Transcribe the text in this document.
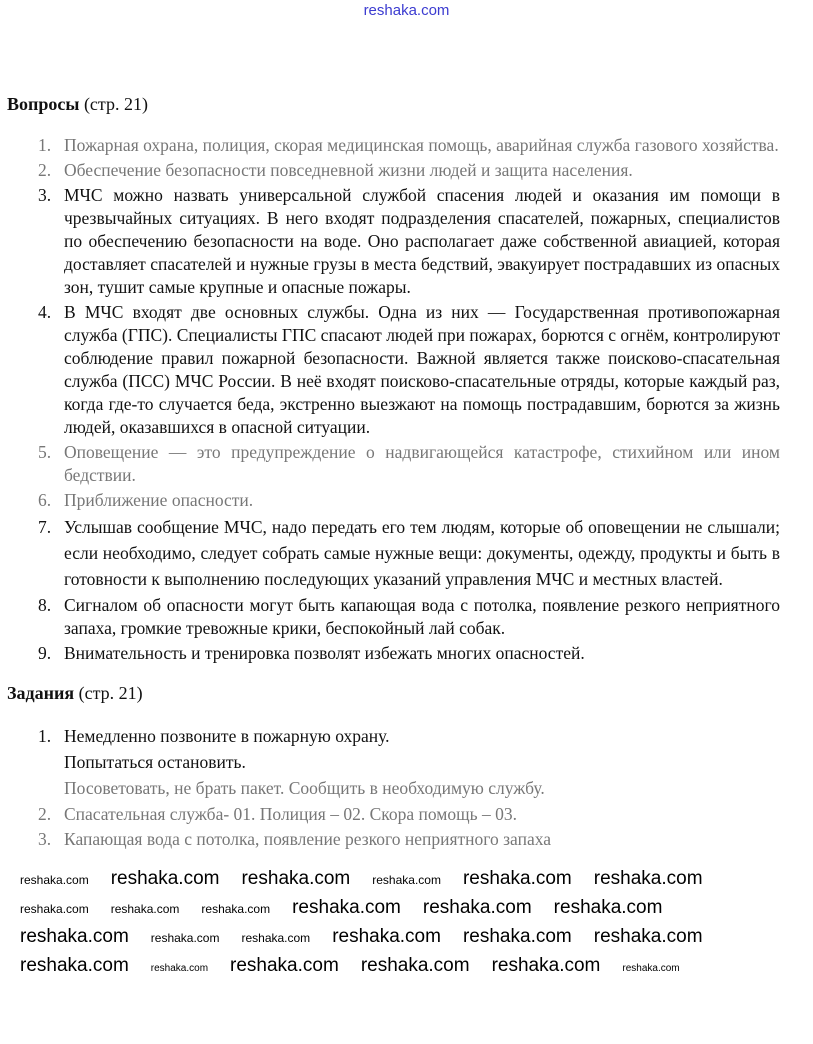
reshaka.com
Вопросы (стр. 21)
1. Пожарная охрана, полиция, скорая медицинская помощь, аварийная служба газового хозяйства.
2. Обеспечение безопасности повседневной жизни людей и защита населения.
3. МЧС можно назвать универсальной службой спасения людей и оказания им помощи в чрезвычайных ситуациях. В него входят подразделения спасателей, пожарных, специалистов по обеспечению безопасности на воде. Оно располагает даже собственной авиацией, которая доставляет спасателей и нужные грузы в места бедствий, эвакуирует пострадавших из опасных зон, тушит самые крупные и опасные пожары.
4. В МЧС входят две основных службы. Одна из них — Государственная противопожарная служба (ГПС). Специалисты ГПС спасают людей при пожарах, борются с огнём, контролируют соблюдение правил пожарной безопасности. Важной является также поисково-спасательная служба (ПСС) МЧС России. В неё входят поисково-спасательные отряды, которые каждый раз, когда где-то случается беда, экстренно выезжают на помощь пострадавшим, борются за жизнь людей, оказавшихся в опасной ситуации.
5. Оповещение — это предупреждение о надвигающейся катастрофе, стихийном или ином бедствии.
6. Приближение опасности.
7. Услышав сообщение МЧС, надо передать его тем людям, которые об оповещении не слышали; если необходимо, следует собрать самые нужные вещи: документы, одежду, продукты и быть в готовности к выполнению последующих указаний управления МЧС и местных властей.
8. Сигналом об опасности могут быть капающая вода с потолка, появление резкого неприятного запаха, громкие тревожные крики, беспокойный лай собак.
9. Внимательность и тренировка позволят избежать многих опасностей.
Задания (стр. 21)
1. Немедленно позвоните в пожарную охрану.
Попытаться остановить.
Посоветовать, не брать пакет. Сообщить в необходимую службу.
2. Спасательная служба- 01. Полиция – 02. Скора помощь – 03.
3. Капающая вода с потолка, появление резкого неприятного запаха
reshaka.com reshaka.com reshaka.com reshaka.com reshaka.com reshaka.com
reshaka.com reshaka.com reshaka.com reshaka.com reshaka.com reshaka.com
reshaka.com reshaka.com reshaka.com reshaka.com reshaka.com reshaka.com
reshaka.com reshaka.com reshaka.com reshaka.com reshaka.com reshaka.com
